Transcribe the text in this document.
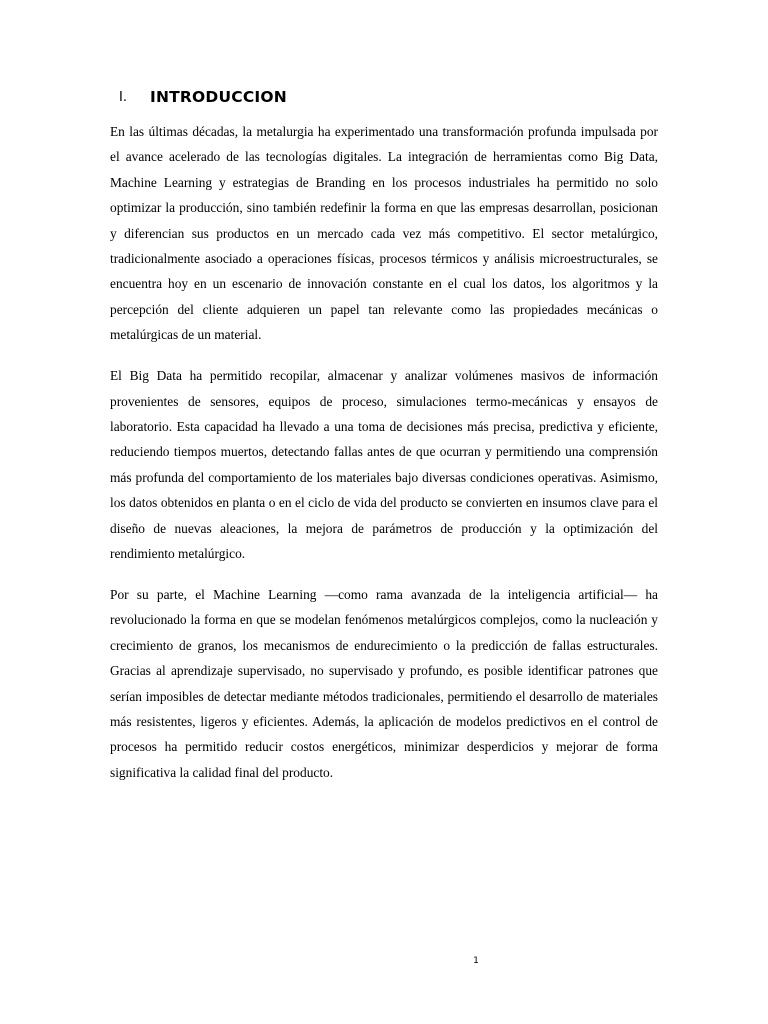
I.	INTRODUCCION

En las últimas décadas, la metalurgia ha experimentado una transformación profunda impulsada por el avance acelerado de las tecnologías digitales. La integración de herramientas como Big Data, Machine Learning y estrategias de Branding en los procesos industriales ha permitido no solo optimizar la producción, sino también redefinir la forma en que las empresas desarrollan, posicionan y diferencian sus productos en un mercado cada vez más competitivo. El sector metalúrgico, tradicionalmente asociado a operaciones físicas, procesos térmicos y análisis microestructurales, se encuentra hoy en un escenario de innovación constante en el cual los datos, los algoritmos y la percepción del cliente adquieren un papel tan relevante como las propiedades mecánicas o metalúrgicas de un material.

El Big Data ha permitido recopilar, almacenar y analizar volúmenes masivos de información provenientes de sensores, equipos de proceso, simulaciones termo-mecánicas y ensayos de laboratorio. Esta capacidad ha llevado a una toma de decisiones más precisa, predictiva y eficiente, reduciendo tiempos muertos, detectando fallas antes de que ocurran y permitiendo una comprensión más profunda del comportamiento de los materiales bajo diversas condiciones operativas. Asimismo, los datos obtenidos en planta o en el ciclo de vida del producto se convierten en insumos clave para el diseño de nuevas aleaciones, la mejora de parámetros de producción y la optimización del rendimiento metalúrgico.

Por su parte, el Machine Learning —como rama avanzada de la inteligencia artificial— ha revolucionado la forma en que se modelan fenómenos metalúrgicos complejos, como la nucleación y crecimiento de granos, los mecanismos de endurecimiento o la predicción de fallas estructurales. Gracias al aprendizaje supervisado, no supervisado y profundo, es posible identificar patrones que serían imposibles de detectar mediante métodos tradicionales, permitiendo el desarrollo de materiales más resistentes, ligeros y eficientes. Además, la aplicación de modelos predictivos en el control de procesos ha permitido reducir costos energéticos, minimizar desperdicios y mejorar de forma significativa la calidad final del producto.

1
